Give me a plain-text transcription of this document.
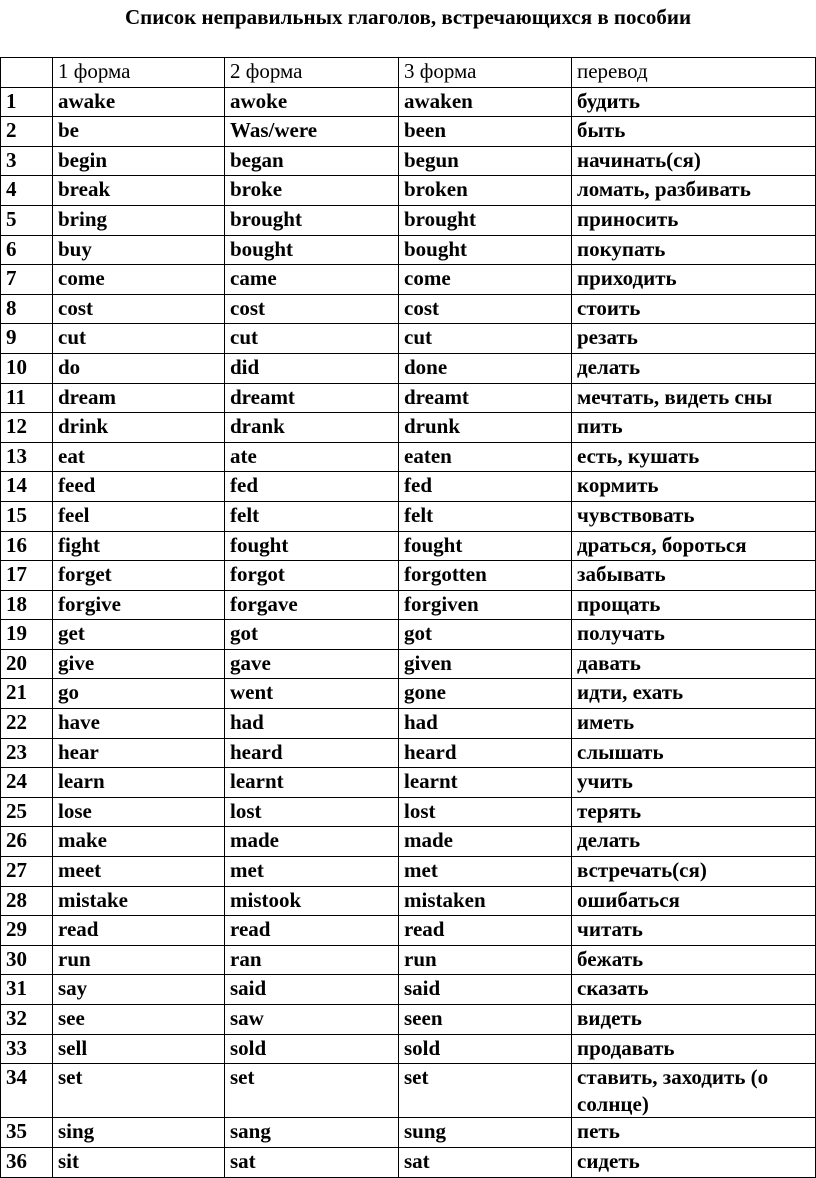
Список неправильных глаголов, встречающихся в пособии
	1 форма	2 форма	3 форма	перевод
1	awake	awoke	awaken	будить
2	be	Was/were	been	быть
3	begin	began	begun	начинать(ся)
4	break	broke	broken	ломать, разбивать
5	bring	brought	brought	приносить
6	buy	bought	bought	покупать
7	come	came	come	приходить
8	cost	cost	cost	стоить
9	cut	cut	cut	резать
10	do	did	done	делать
11	dream	dreamt	dreamt	мечтать, видеть сны
12	drink	drank	drunk	пить
13	eat	ate	eaten	есть, кушать
14	feed	fed	fed	кормить
15	feel	felt	felt	чувствовать
16	fight	fought	fought	драться, бороться
17	forget	forgot	forgotten	забывать
18	forgive	forgave	forgiven	прощать
19	get	got	got	получать
20	give	gave	given	давать
21	go	went	gone	идти, ехать
22	have	had	had	иметь
23	hear	heard	heard	слышать
24	learn	learnt	learnt	учить
25	lose	lost	lost	терять
26	make	made	made	делать
27	meet	met	met	встречать(ся)
28	mistake	mistook	mistaken	ошибаться
29	read	read	read	читать
30	run	ran	run	бежать
31	say	said	said	сказать
32	see	saw	seen	видеть
33	sell	sold	sold	продавать
34	set	set	set	ставить, заходить (о солнце)
35	sing	sang	sung	петь
36	sit	sat	sat	сидеть
